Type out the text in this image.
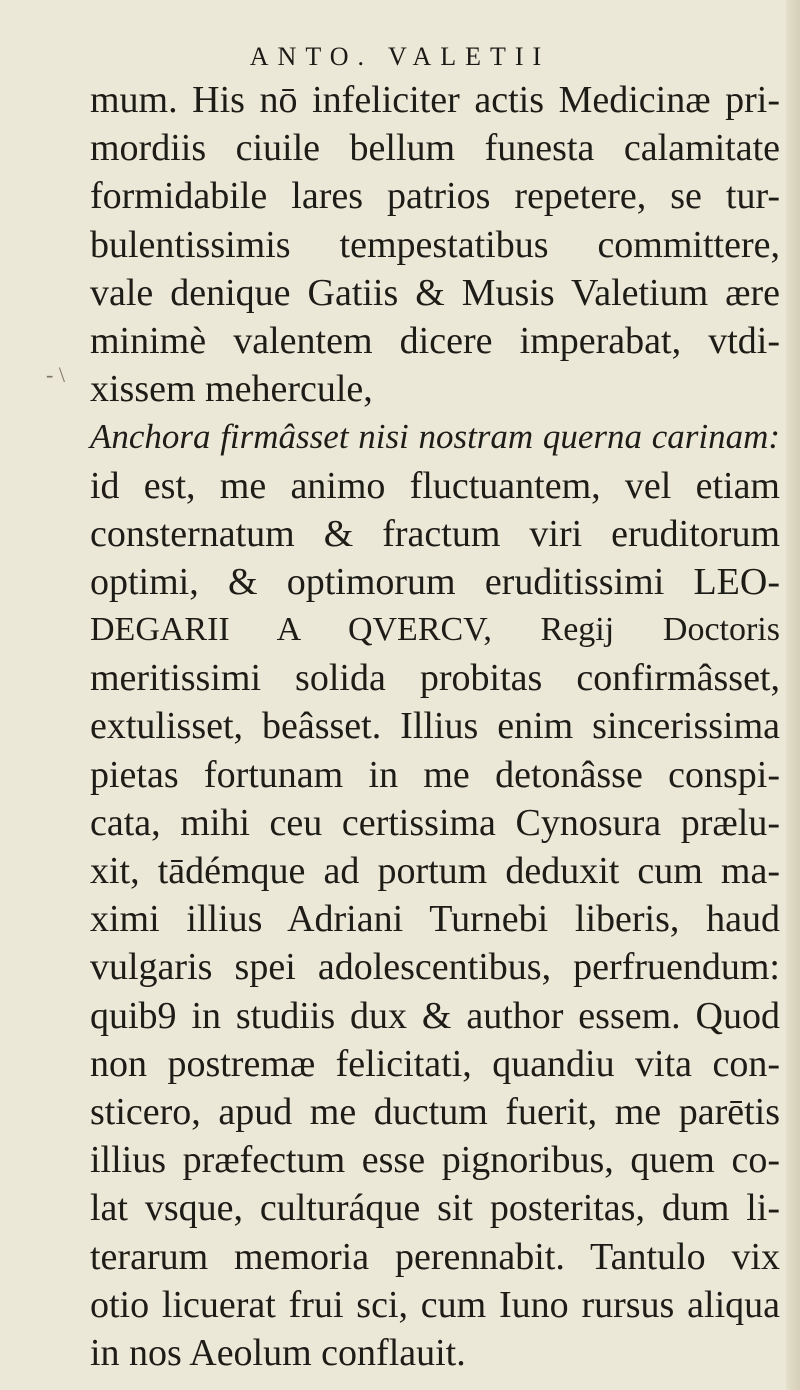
ANTO. VALETII
- \
mum. His nō infeliciter actis Medicinæ pri-
mordiis ciuile bellum funesta calamitate
formidabile lares patrios repetere, se tur-
bulentissimis tempestatibus committere,
vale denique Gatiis & Musis Valetium ære
minimè valentem dicere imperabat, vtdi-
xissem mehercule,
Anchora firmâsset nisi nostram querna carinam:
id est, me animo fluctuantem, vel etiam
consternatum & fractum viri eruditorum
optimi, & optimorum eruditissimi LEO-
DEGARII A QVERCV, Regij Doctoris
meritissimi solida probitas confirmâsset,
extulisset, beâsset. Illius enim sincerissima
pietas fortunam in me detonâsse conspi-
cata, mihi ceu certissima Cynosura prælu-
xit, tādémque ad portum deduxit cum ma-
ximi illius Adriani Turnebi liberis, haud
vulgaris spei adolescentibus, perfruendum:
quib9 in studiis dux & author essem. Quod
non postremæ felicitati, quandiu vita con-
sticero, apud me ductum fuerit, me parētis
illius præfectum esse pignoribus, quem co-
lat vsque, culturáque sit posteritas, dum li-
terarum memoria perennabit. Tantulo vix
otio licuerat frui sci, cum Iuno rursus aliqua
in nos Aeolum conflauit.
